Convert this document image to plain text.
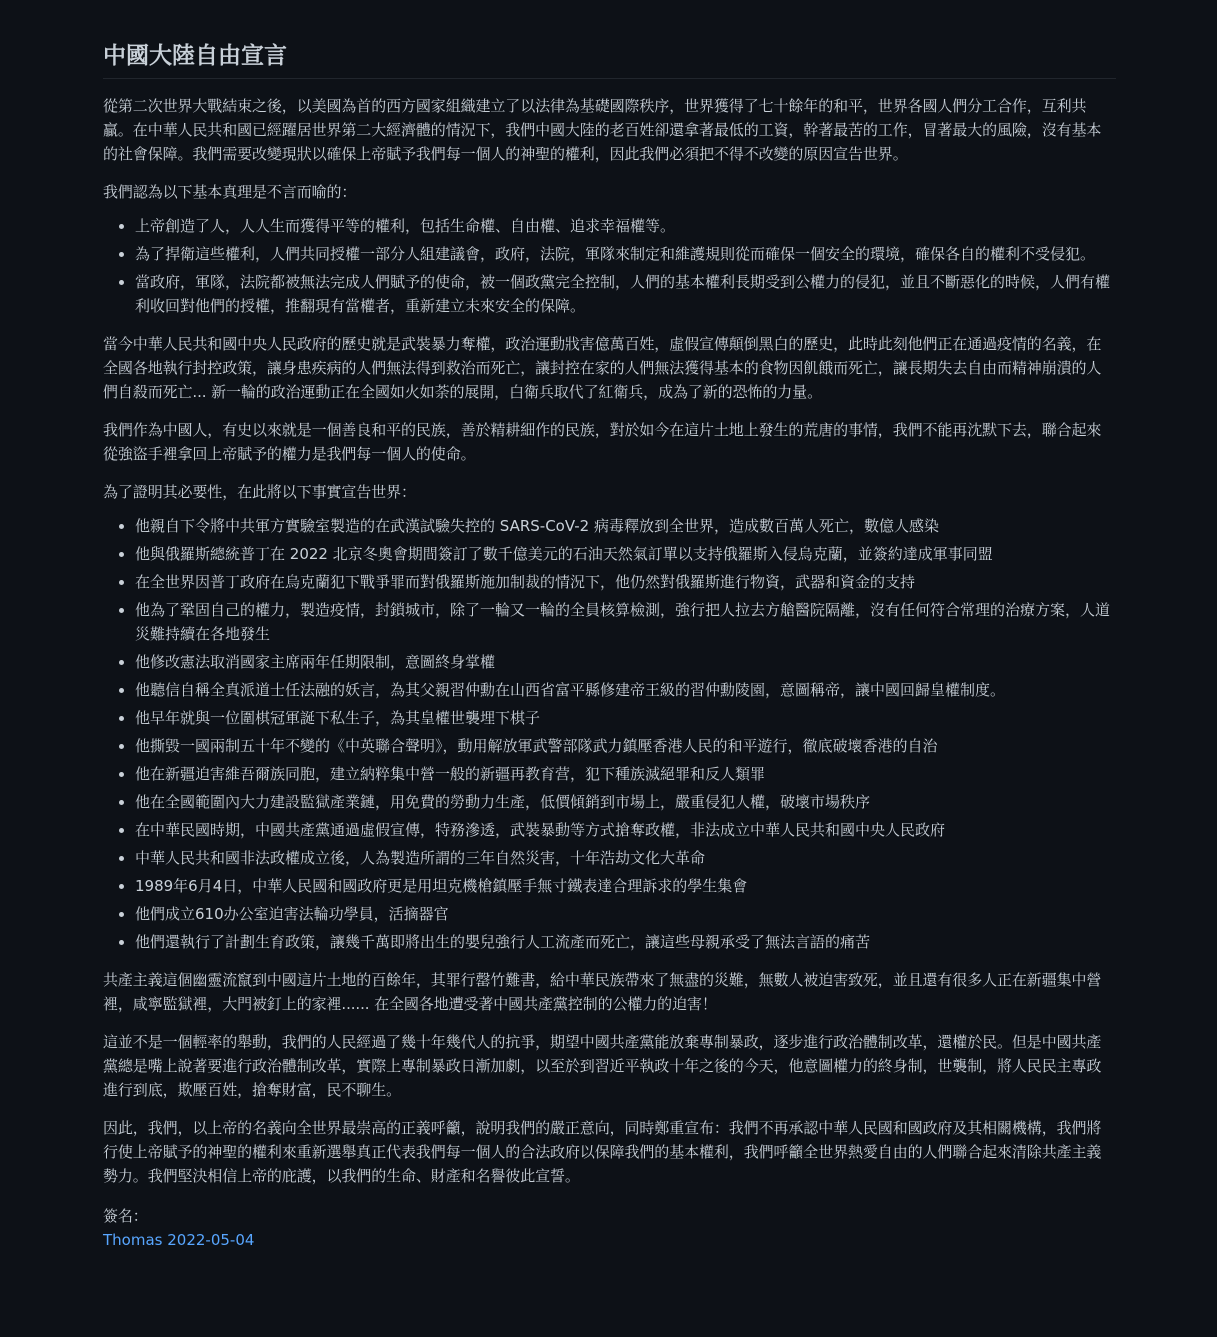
中國大陸自由宣言

從第二次世界大戰結束之後，以美國為首的西方國家組織建立了以法律為基礎國際秩序，世界獲得了七十餘年的和平，世界各國人們分工合作，互利共贏。在中華人民共和國已經躍居世界第二大經濟體的情況下，我們中國大陸的老百姓卻還拿著最低的工資，幹著最苦的工作，冒著最大的風險，沒有基本的社會保障。我們需要改變現狀以確保上帝賦予我們每一個人的神聖的權利，因此我們必須把不得不改變的原因宣告世界。

我們認為以下基本真理是不言而喻的：

• 上帝創造了人，人人生而獲得平等的權利，包括生命權、自由權、追求幸福權等。
• 為了捍衛這些權利，人們共同授權一部分人組建議會，政府，法院，軍隊來制定和維護規則從而確保一個安全的環境，確保各自的權利不受侵犯。
• 當政府，軍隊，法院都被無法完成人們賦予的使命，被一個政黨完全控制，人們的基本權利長期受到公權力的侵犯，並且不斷惡化的時候，人們有權利收回對他們的授權，推翻現有當權者，重新建立未來安全的保障。

當今中華人民共和國中央人民政府的歷史就是武裝暴力奪權，政治運動戕害億萬百姓，虛假宣傳顛倒黑白的歷史，此時此刻他們正在通過疫情的名義，在全國各地執行封控政策，讓身患疾病的人們無法得到救治而死亡，讓封控在家的人們無法獲得基本的食物因飢餓而死亡，讓長期失去自由而精神崩潰的人們自殺而死亡... 新一輪的政治運動正在全國如火如荼的展開，白衛兵取代了紅衛兵，成為了新的恐怖的力量。

我們作為中國人，有史以來就是一個善良和平的民族，善於精耕細作的民族，對於如今在這片土地上發生的荒唐的事情，我們不能再沈默下去，聯合起來從強盜手裡拿回上帝賦予的權力是我們每一個人的使命。

為了證明其必要性，在此將以下事實宣告世界：

• 他親自下令將中共軍方實驗室製造的在武漢試驗失控的 SARS-CoV-2 病毒釋放到全世界，造成數百萬人死亡，數億人感染
• 他與俄羅斯總統普丁在 2022 北京冬奧會期間簽訂了數千億美元的石油天然氣訂單以支持俄羅斯入侵烏克蘭，並簽約達成軍事同盟
• 在全世界因普丁政府在烏克蘭犯下戰爭罪而對俄羅斯施加制裁的情況下，他仍然對俄羅斯進行物資，武器和資金的支持
• 他為了鞏固自己的權力，製造疫情，封鎖城市，除了一輪又一輪的全員核算檢測，強行把人拉去方艙醫院隔離，沒有任何符合常理的治療方案，人道災難持續在各地發生
• 他修改憲法取消國家主席兩年任期限制，意圖終身掌權
• 他聽信自稱全真派道士任法融的妖言，為其父親習仲勳在山西省富平縣修建帝王級的習仲勳陵園，意圖稱帝，讓中國回歸皇權制度。
• 他早年就與一位圍棋冠軍誕下私生子，為其皇權世襲埋下棋子
• 他撕毀一國兩制五十年不變的《中英聯合聲明》，動用解放軍武警部隊武力鎮壓香港人民的和平遊行，徹底破壞香港的自治
• 他在新疆迫害維吾爾族同胞，建立納粹集中營一般的新疆再教育营，犯下種族滅絕罪和反人類罪
• 他在全國範圍內大力建設監獄產業鏈，用免費的勞動力生產，低價傾銷到市場上，嚴重侵犯人權，破壞市場秩序
• 在中華民國時期，中國共產黨通過虛假宣傳，特務滲透，武裝暴動等方式搶奪政權，非法成立中華人民共和國中央人民政府
• 中華人民共和國非法政權成立後，人為製造所謂的三年自然災害，十年浩劫文化大革命
• 1989年6月4日，中華人民國和國政府更是用坦克機槍鎮壓手無寸鐵表達合理訴求的學生集會
• 他們成立610办公室迫害法輪功學員，活摘器官
• 他們還執行了計劃生育政策，讓幾千萬即將出生的嬰兒強行人工流產而死亡，讓這些母親承受了無法言語的痛苦

共產主義這個幽靈流竄到中國這片土地的百餘年，其罪行罄竹難書，給中華民族帶來了無盡的災難，無數人被迫害致死，並且還有很多人正在新疆集中營裡，咸寧監獄裡，大門被釘上的家裡...... 在全國各地遭受著中國共產黨控制的公權力的迫害！

這並不是一個輕率的舉動，我們的人民經過了幾十年幾代人的抗爭，期望中國共產黨能放棄專制暴政，逐步進行政治體制改革，還權於民。但是中國共產黨總是嘴上說著要進行政治體制改革，實際上專制暴政日漸加劇，以至於到習近平執政十年之後的今天，他意圖權力的終身制，世襲制，將人民民主專政進行到底，欺壓百姓，搶奪財富，民不聊生。

因此，我們，以上帝的名義向全世界最崇高的正義呼籲，說明我們的嚴正意向，同時鄭重宣布：我們不再承認中華人民國和國政府及其相關機構，我們將行使上帝賦予的神聖的權利來重新選舉真正代表我們每一個人的合法政府以保障我們的基本權利，我們呼籲全世界熱愛自由的人們聯合起來清除共產主義勢力。我們堅決相信上帝的庇護，以我們的生命、財產和名譽彼此宣誓。

簽名：

Thomas 2022-05-04
